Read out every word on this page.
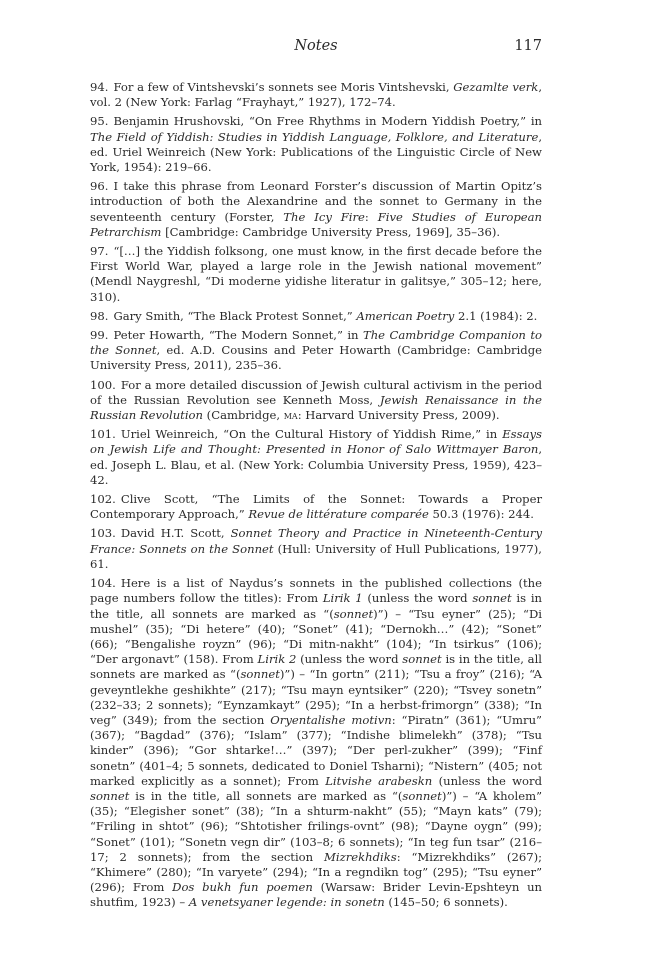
Notes	117

94. For a few of Vintshevski’s sonnets see Moris Vintshevski, Gezamlte verk, vol. 2 (New York: Farlag “Frayhayt,” 1927), 172–74.

95. Benjamin Hrushovski, “On Free Rhythms in Modern Yiddish Poetry,” in The Field of Yiddish: Studies in Yiddish Language, Folklore, and Literature, ed. Uriel Weinreich (New York: Publications of the Linguistic Circle of New York, 1954): 219–66.

96. I take this phrase from Leonard Forster’s discussion of Martin Opitz’s introduction of both the Alexandrine and the sonnet to Germany in the seventeenth century (Forster, The Icy Fire: Five Studies of European Petrarchism [Cambridge: Cambridge University Press, 1969], 35–36).

97. “[…] the Yiddish folksong, one must know, in the first decade before the First World War, played a large role in the Jewish national movement” (Mendl Naygreshl, “Di moderne yidishe literatur in galitsye,” 305–12; here, 310).

98. Gary Smith, “The Black Protest Sonnet,” American Poetry 2.1 (1984): 2.

99. Peter Howarth, “The Modern Sonnet,” in The Cambridge Companion to the Sonnet, ed. A.D. Cousins and Peter Howarth (Cambridge: Cambridge University Press, 2011), 235–36.

100. For a more detailed discussion of Jewish cultural activism in the period of the Russian Revolution see Kenneth Moss, Jewish Renaissance in the Russian Revolution (Cambridge, ma: Harvard University Press, 2009).

101. Uriel Weinreich, “On the Cultural History of Yiddish Rime,” in Essays on Jewish Life and Thought: Presented in Honor of Salo Wittmayer Baron, ed. Joseph L. Blau, et al. (New York: Columbia University Press, 1959), 423–42.

102. Clive Scott, “The Limits of the Sonnet: Towards a Proper Contemporary Approach,” Revue de littérature comparée 50.3 (1976): 244.

103. David H.T. Scott, Sonnet Theory and Practice in Nineteenth-Century France: Sonnets on the Sonnet (Hull: University of Hull Publications, 1977), 61.

104. Here is a list of Naydus’s sonnets in the published collections (the page numbers follow the titles): From Lirik 1 (unless the word sonnet is in the title, all sonnets are marked as “(sonnet)”) – “Tsu eyner” (25); “Di mushel” (35); “Di hetere” (40); “Sonet” (41); “Dernokh…” (42); “Sonet” (66); “Bengalishe royzn” (96); “Di mitn-nakht” (104); “In tsirkus” (106); “Der argonavt” (158). From Lirik 2 (unless the word sonnet is in the title, all sonnets are marked as “(sonnet)”) – “In gortn” (211); “Tsu a froy” (216); “A geveyntlekhe geshikhte” (217); “Tsu mayn eyntsiker” (220); “Tsvey sonetn” (232–33; 2 sonnets); “Eynzamkayt” (295); “In a herbst-frimorgn” (338); “In veg” (349); from the section Oryentalishe motivn: “Piratn” (361); “Umru” (367); “Bagdad” (376); “Islam” (377); “Indishe blimelekh” (378); “Tsu kinder” (396); “Gor shtarke!…” (397); “Der perl-zukher” (399); “Finf sonetn” (401–4; 5 sonnets, dedicated to Doniel Tsharni); “Nistern” (405; not marked explicitly as a sonnet); From Litvishe arabeskn (unless the word sonnet is in the title, all sonnets are marked as “(sonnet)”) – “A kholem” (35); “Elegisher sonet” (38); “In a shturm-nakht” (55); “Mayn kats” (79); “Friling in shtot” (96); “Shtotisher frilings-ovnt” (98); “Dayne oygn” (99); “Sonet” (101); “Sonetn vegn dir” (103–8; 6 sonnets); “In teg fun tsar” (216–17; 2 sonnets); from the section Mizrekhdiks: “Mizrekhdiks” (267); “Khimere” (280); “In varyete” (294); “In a regndikn tog” (295); “Tsu eyner” (296); From Dos bukh fun poemen (Warsaw: Brider Levin-Epshteyn un shutfim, 1923) – A venetsyaner legende: in sonetn (145–50; 6 sonnets).
